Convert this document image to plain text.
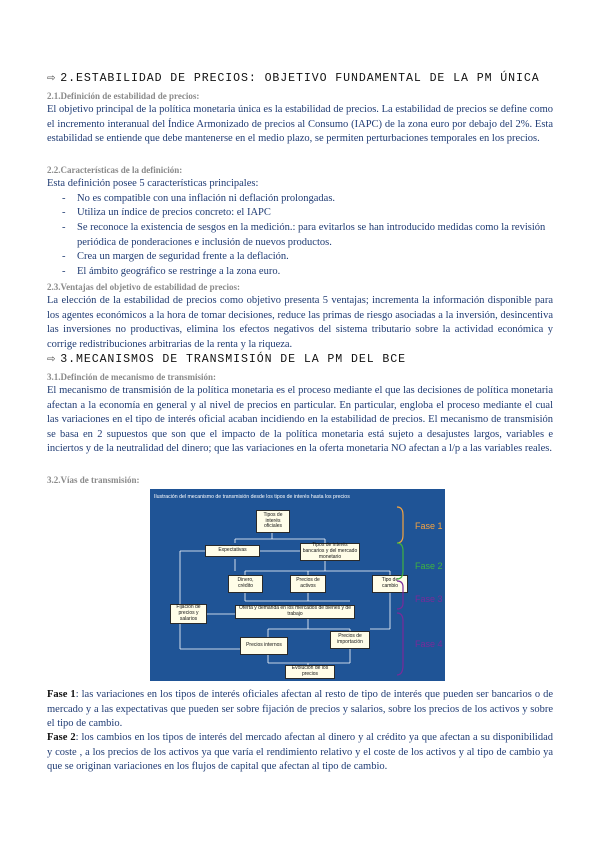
⇨ 2.ESTABILIDAD DE PRECIOS: OBJETIVO FUNDAMENTAL DE LA PM ÚNICA
2.1.Definición de estabilidad de precios:
El objetivo principal de la política monetaria única es la estabilidad de precios. La estabilidad de precios se define como el incremento interanual del Índice Armonizado de precios al Consumo (IAPC) de la zona euro por debajo del 2%. Esta estabilidad se entiende que debe mantenerse en el medio plazo, se permiten perturbaciones temporales en los precios.
2.2.Características de la definición:
Esta definición posee 5 características principales:
- No es compatible con una inflación ni deflación prolongadas.
- Utiliza un índice de precios concreto: el IAPC
- Se reconoce la existencia de sesgos en la medición.: para evitarlos se han introducido medidas como la revisión periódica de ponderaciones e inclusión de nuevos productos.
- Crea un margen de seguridad frente a la deflación.
- El ámbito geográfico se restringe a la zona euro.
2.3.Ventajas del objetivo de estabilidad de precios:
La elección de la estabilidad de precios como objetivo presenta 5 ventajas; incrementa la información disponible para los agentes económicos a la hora de tomar decisiones, reduce las primas de riesgo asociadas a la inversión, desincentiva las inversiones no productivas, elimina los efectos negativos del sistema tributario sobre la actividad económica y corrige redistribuciones arbitrarias de la renta y la riqueza.
⇨ 3.MECANISMOS DE TRANSMISIÓN DE LA PM DEL BCE
3.1.Definción de mecanismo de transmisión:
El mecanismo de transmisión de la política monetaria es el proceso mediante el que las decisiones de política monetaria afectan a la economía en general y al nivel de precios en particular. En particular, engloba el proceso mediante el cual las variaciones en el tipo de interés oficial acaban incidiendo en la estabilidad de precios. El mecanismo de transmisión se basa en 2 supuestos que son que el impacto de la política monetaria está sujeto a desajustes largos, variables e inciertos y de la neutralidad del dinero; que las variaciones en la oferta monetaria NO afectan a l/p a las variables reales.
3.2.Vías de transmisión:
Ilustración del mecanismo de transmisión desde los tipos de interés hasta los precios
Tipos de interés oficiales
Expectativas
Tipos de interés bancarios y del mercado monetario
Dinero, crédito
Precios de activos
Tipo de cambio
Fijación de precios y salarios
Oferta y demanda en los mercados de bienes y de trabajo
Precios internos
Precios de importación
Evolución de los precios
Fase 1
Fase 2
Fase 3
Fase 4
Fase 1: las variaciones en los tipos de interés oficiales afectan al resto de tipo de interés que pueden ser bancarios o de mercado y a las expectativas que pueden ser sobre fijación de precios y salarios, sobre los precios de los activos y sobre el tipo de cambio.
Fase 2: los cambios en los tipos de interés del mercado afectan al dinero y al crédito ya que afectan a su disponibilidad y coste , a los precios de los activos ya que varía el rendimiento relativo y el coste de los activos y al tipo de cambio ya que se originan variaciones en los flujos de capital que afectan al tipo de cambio.
